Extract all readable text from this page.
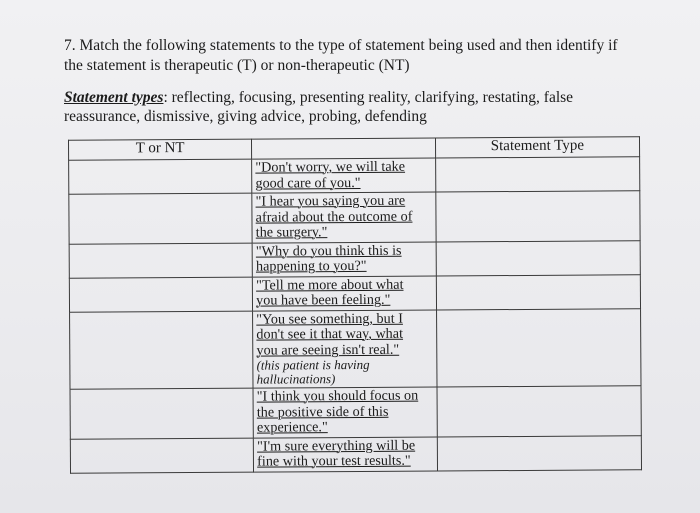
7. Match the following statements to the type of statement being used and then identify if
the statement is therapeutic (T) or non-therapeutic (NT)
Statement types: reflecting, focusing, presenting reality, clarifying, restating, false
reassurance, dismissive, giving advice, probing, defending
T or NT		Statement Type

	"Don't worry, we will take
good care of you."	

	"I hear you saying you are
afraid about the outcome of
the surgery."	

	"Why do you think this is
happening to you?"	

	"Tell me more about what
you have been feeling."	

	"You see something, but I
don't see it that way, what
you are seeing isn't real."
(this patient is having
hallucinations)	

	"I think you should focus on
the positive side of this
experience."	

	"I'm sure everything will be
fine with your test results."	
